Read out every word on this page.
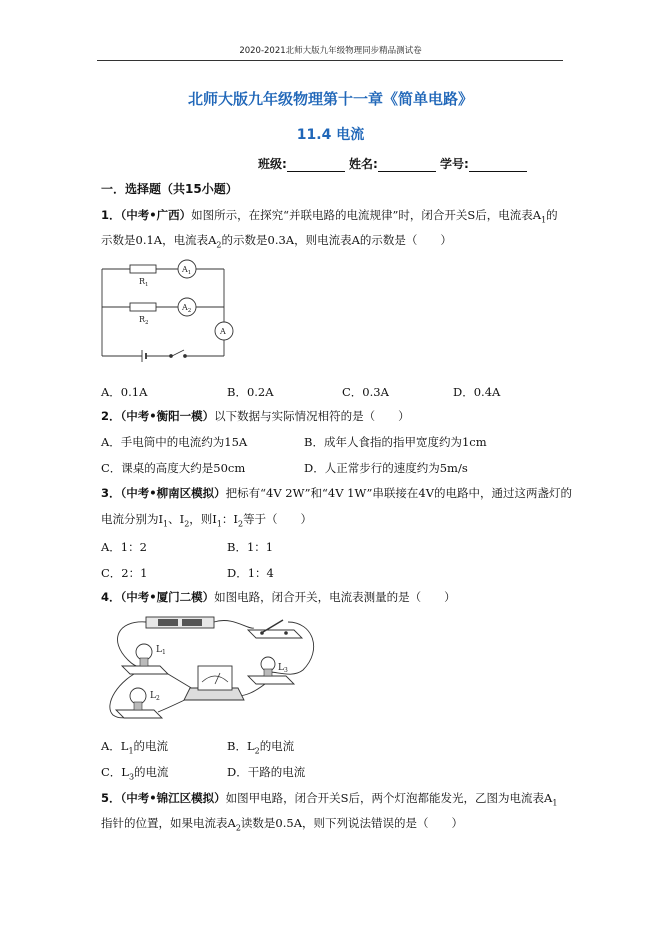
2020-2021北师大版九年级物理同步精品测试卷
北师大版九年级物理第十一章《简单电路》
11.4 电流
班级:	姓名:	学号:
一．选择题（共15小题）
1．（中考•广西）如图所示，在探究“并联电路的电流规律”时，闭合开关S后，电流表$A_1$的
示数是0.1A，电流表$A_2$的示数是0.3A，则电流表A的示数是（　　）
$R_1$
$R_2$
$A_1$
$A_2$
A
A．0.1A	B．0.2A	C．0.3A	D．0.4A
2．（中考•衡阳一模）以下数据与实际情况相符的是（　　）
A．手电筒中的电流约为15A	B．成年人食指的指甲宽度约为1cm
C．课桌的高度大约是50cm	D．人正常步行的速度约为5m/s
3．（中考•柳南区模拟）把标有“4V 2W”和“4V 1W”串联接在4V的电路中，通过这两盏灯的
电流分别为$I_1$、$I_2$，则$I_1$：$I_2$等于（　　）
A．1：2	B．1：1
C．2：1	D．1：4
4．（中考•厦门二模）如图电路，闭合开关，电流表测量的是（　　）
$L_1$
$L_2$
$L_3$
A．$L_1$的电流	B．$L_2$的电流
C．$L_3$的电流	D．干路的电流
5．（中考•锦江区模拟）如图甲电路，闭合开关S后，两个灯泡都能发光，乙图为电流表$A_1$
指针的位置，如果电流表$A_2$读数是0.5A，则下列说法错误的是（　　）
